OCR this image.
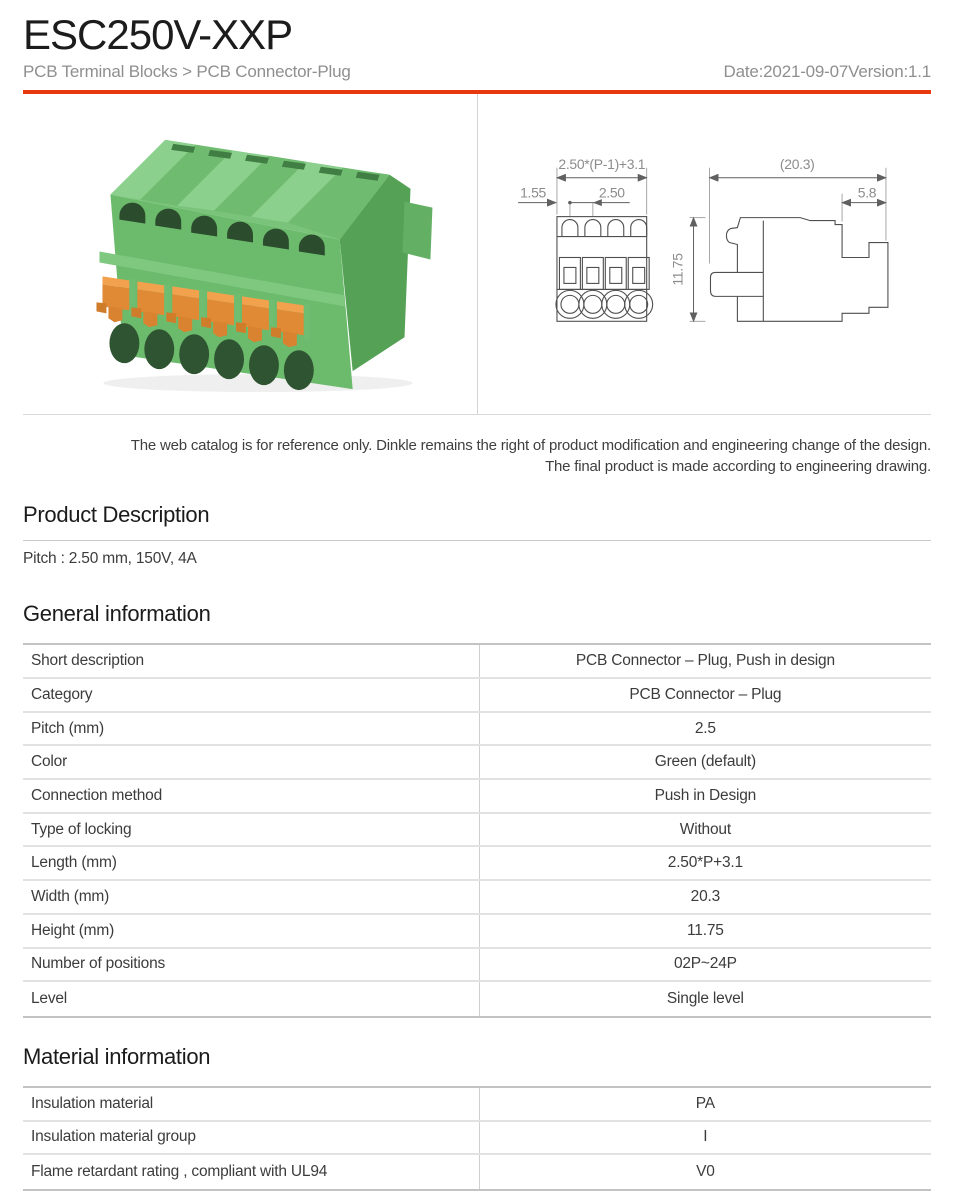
ESC250V-XXP
PCB Terminal Blocks > PCB Connector-Plug	Date:2021-09-07Version:1.1
2.50*(P-1)+3.1
1.55	2.50
(20.3)
5.8
11.75

The web catalog is for reference only. Dinkle remains the right of product modification and engineering change of the design.
The final product is made according to engineering drawing.

Product Description

Pitch : 2.50 mm, 150V, 4A

General information
Short description	PCB Connector – Plug, Push in design
Category	PCB Connector – Plug
Pitch (mm)	2.5
Color	Green (default)
Connection method	Push in Design
Type of locking	Without
Length (mm)	2.50*P+3.1
Width (mm)	20.3
Height (mm)	11.75
Number of positions	02P~24P
Level	Single level
Material information
Insulation material	PA
Insulation material group	I
Flame retardant rating , compliant with UL94	V0
